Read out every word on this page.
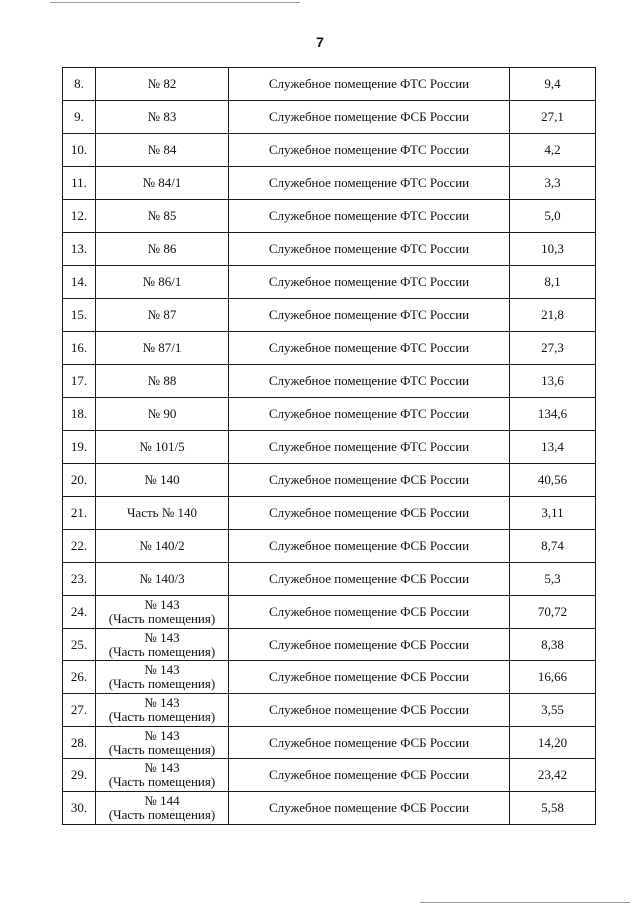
7
8.	№ 82	Служебное помещение ФТС России	9,4
9.	№ 83	Служебное помещение ФСБ России	27,1
10.	№ 84	Служебное помещение ФТС России	4,2
11.	№ 84/1	Служебное помещение ФТС России	3,3
12.	№ 85	Служебное помещение ФТС России	5,0
13.	№ 86	Служебное помещение ФТС России	10,3
14.	№ 86/1	Служебное помещение ФТС России	8,1
15.	№ 87	Служебное помещение ФТС России	21,8
16.	№ 87/1	Служебное помещение ФТС России	27,3
17.	№ 88	Служебное помещение ФТС России	13,6
18.	№ 90	Служебное помещение ФТС России	134,6
19.	№ 101/5	Служебное помещение ФТС России	13,4
20.	№ 140	Служебное помещение ФСБ России	40,56
21.	Часть № 140	Служебное помещение ФСБ России	3,11
22.	№ 140/2	Служебное помещение ФСБ России	8,74
23.	№ 140/3	Служебное помещение ФСБ России	5,3
24.	№ 143
(Часть помещения)	Служебное помещение ФСБ России	70,72
25.	№ 143
(Часть помещения)	Служебное помещение ФСБ России	8,38
26.	№ 143
(Часть помещения)	Служебное помещение ФСБ России	16,66
27.	№ 143
(Часть помещения)	Служебное помещение ФСБ России	3,55
28.	№ 143
(Часть помещения)	Служебное помещение ФСБ России	14,20
29.	№ 143
(Часть помещения)	Служебное помещение ФСБ России	23,42
30.	№ 144
(Часть помещения)	Служебное помещение ФСБ России	5,58
